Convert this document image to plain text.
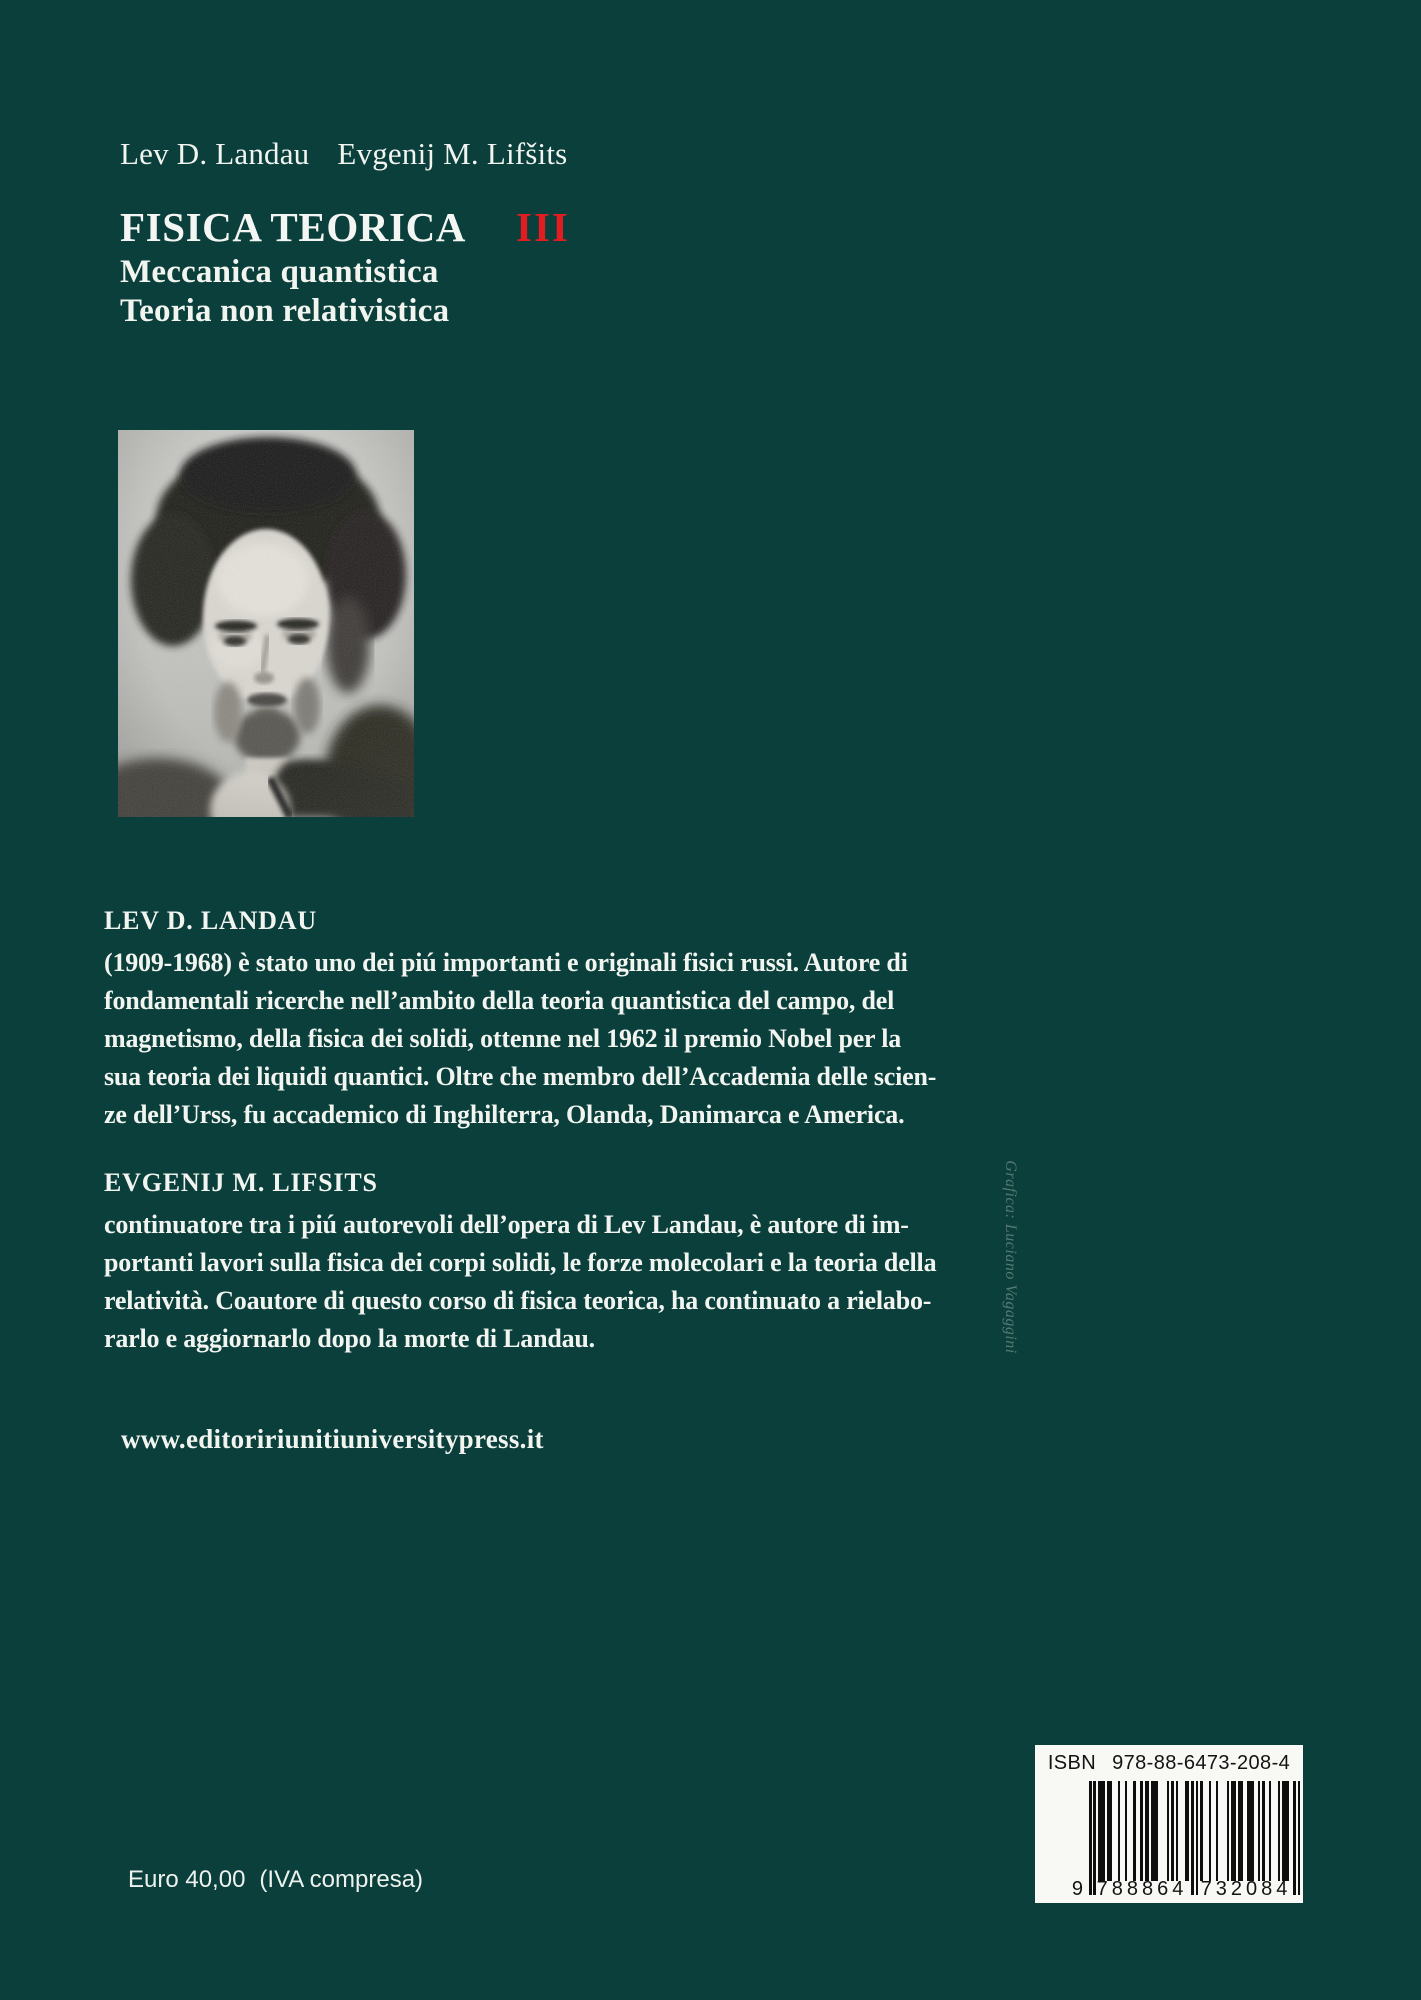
Lev D. Landau Evgenij M. Lifšits
FISICA TEORICA III
Meccanica quantistica
Teoria non relativistica
LEV D. LANDAU
(1909-1968) è stato uno dei piú importanti e originali fisici russi. Autore di
fondamentali ricerche nell’ambito della teoria quantistica del campo, del
magnetismo, della fisica dei solidi, ottenne nel 1962 il premio Nobel per la
sua teoria dei liquidi quantici. Oltre che membro dell’Accademia delle scien-
ze dell’Urss, fu accademico di Inghilterra, Olanda, Danimarca e America.
EVGENIJ M. LIFSITS
continuatore tra i piú autorevoli dell’opera di Lev Landau, è autore di im-
portanti lavori sulla fisica dei corpi solidi, le forze molecolari e la teoria della
relatività. Coautore di questo corso di fisica teorica, ha continuato a rielabo-
rarlo e aggiornarlo dopo la morte di Landau.
www.editoririunitiuniversitypress.it
Grafica: Luciano Vagaggini
ISBN 978-88-6473-208-4
9 788864 732084
Euro 40,00 (IVA compresa)
